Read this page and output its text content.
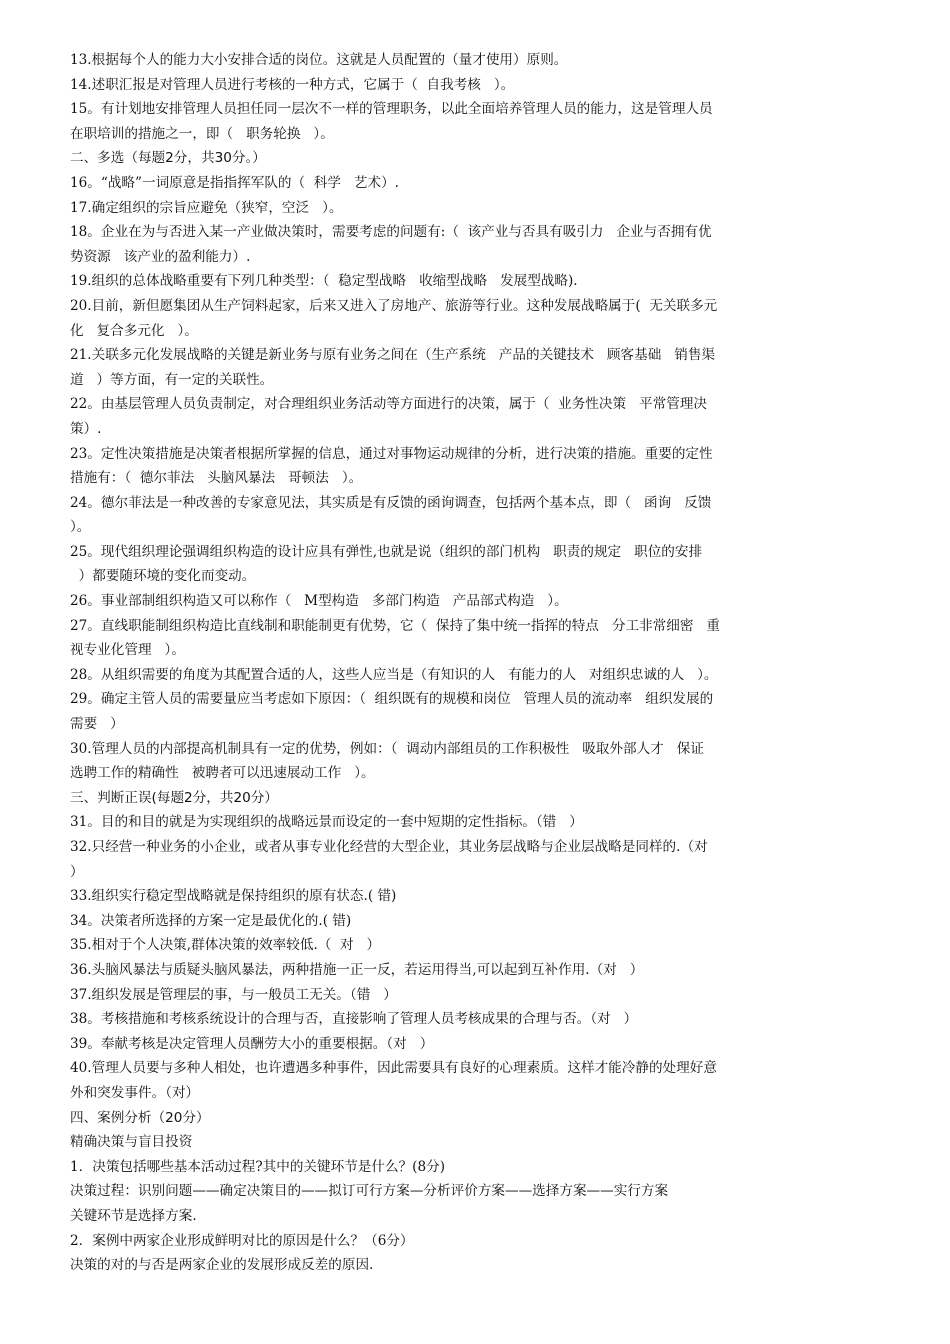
13.根据每个人的能力大小安排合适的岗位。这就是人员配置的（量才使用）原则。
14.述职汇报是对管理人员进行考核的一种方式，它属于（  自我考核   ）。
15。有计划地安排管理人员担任同一层次不一样的管理职务，以此全面培养管理人员的能力，这是管理人员
在职培训的措施之一，即（   职务轮换   ）。
二、多选（每题2分，共30分。）
16。“战略”一词原意是指指挥军队的（  科学   艺术）.
17.确定组织的宗旨应避免（狭窄，空泛   ）。
18。企业在为与否进入某一产业做决策时，需要考虑的问题有:（  该产业与否具有吸引力   企业与否拥有优
势资源   该产业的盈利能力）.
19.组织的总体战略重要有下列几种类型：（  稳定型战略   收缩型战略   发展型战略).
20.目前，新但愿集团从生产饲料起家，后来又进入了房地产、旅游等行业。这种发展战略属于(  无关联多元
化   复合多元化   ）。
21.关联多元化发展战略的关键是新业务与原有业务之间在（生产系统   产品的关键技术   顾客基础   销售渠
道   ）等方面，有一定的关联性。
22。由基层管理人员负责制定，对合理组织业务活动等方面进行的决策，属于（  业务性决策   平常管理决
策）.
23。定性决策措施是决策者根据所掌握的信息，通过对事物运动规律的分析，进行决策的措施。重要的定性
措施有：（  德尔菲法   头脑风暴法   哥顿法   ）。
24。德尔菲法是一种改善的专家意见法，其实质是有反馈的函询调查，包括两个基本点，即（   函询   反馈
）。
25。现代组织理论强调组织构造的设计应具有弹性,也就是说（组织的部门机构   职责的规定   职位的安排
）都要随环境的变化而变动。
26。事业部制组织构造又可以称作（   M型构造   多部门构造   产品部式构造   ）。
27。直线职能制组织构造比直线制和职能制更有优势，它（  保持了集中统一指挥的特点   分工非常细密   重
视专业化管理   ）。
28。从组织需要的角度为其配置合适的人，这些人应当是（有知识的人   有能力的人   对组织忠诚的人   ）。
29。确定主管人员的需要量应当考虑如下原因：（  组织既有的规模和岗位   管理人员的流动率   组织发展的
需要   ）
30.管理人员的内部提高机制具有一定的优势，例如：（  调动内部组员的工作积极性   吸取外部人才   保证
选聘工作的精确性   被聘者可以迅速展动工作   ）。
三、判断正误(每题2分，共20分）
31。目的和目的就是为实现组织的战略远景而设定的一套中短期的定性指标。（错   ）
32.只经营一种业务的小企业，或者从事专业化经营的大型企业，其业务层战略与企业层战略是同样的.（对
）
33.组织实行稳定型战略就是保持组织的原有状态.( 错)
34。决策者所选择的方案一定是最优化的.( 错)
35.相对于个人决策,群体决策的效率较低.（  对   ）
36.头脑风暴法与质疑头脑风暴法，两种措施一正一反，若运用得当,可以起到互补作用.（对   ）
37.组织发展是管理层的事，与一般员工无关。（错   ）
38。考核措施和考核系统设计的合理与否，直接影响了管理人员考核成果的合理与否。（对   ）
39。奉献考核是决定管理人员酬劳大小的重要根据。（对   ）
40.管理人员要与多种人相处，也许遭遇多种事件，因此需要具有良好的心理素质。这样才能冷静的处理好意
外和突发事件。（对）
四、案例分析（20分）
精确决策与盲目投资
1．决策包括哪些基本活动过程?其中的关键环节是什么？(8分)
决策过程：识别问题——确定决策目的——拟订可行方案—分析评价方案——选择方案——实行方案
关键环节是选择方案.
2．案例中两家企业形成鲜明对比的原因是什么？（6分）
决策的对的与否是两家企业的发展形成反差的原因.
